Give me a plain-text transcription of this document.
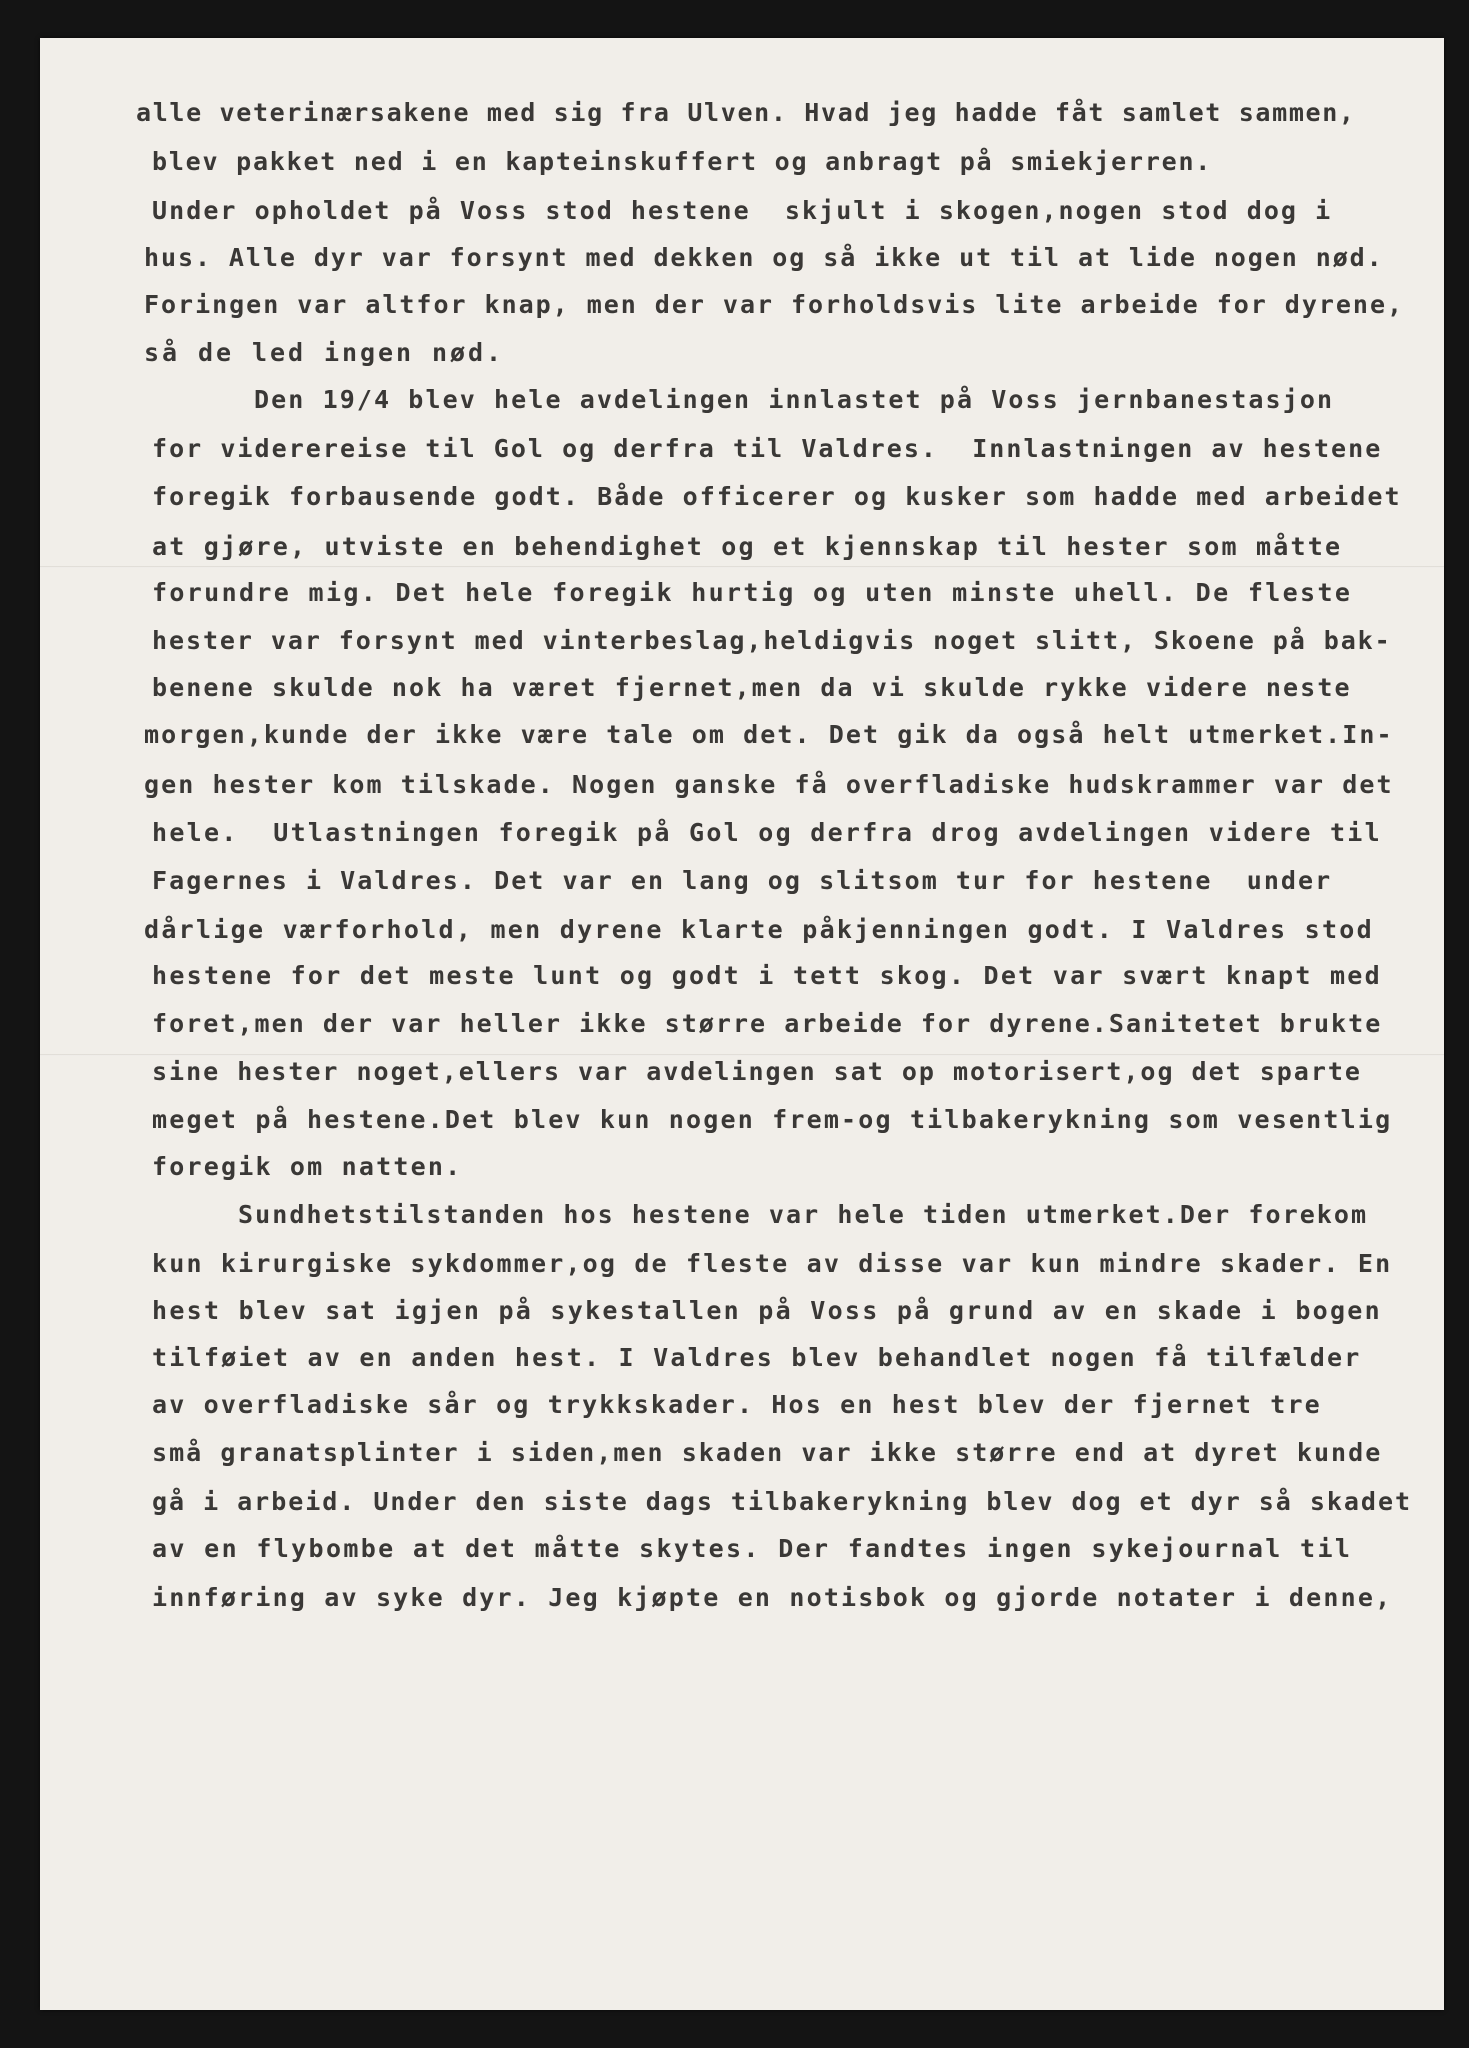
alle veterinærsakene med sig fra Ulven. Hvad jeg hadde fåt samlet sammen,
blev pakket ned i en kapteinskuffert og anbragt på smiekjerren.
Under opholdet på Voss stod hestene  skjult i skogen,nogen stod dog i
hus. Alle dyr var forsynt med dekken og så ikke ut til at lide nogen nød.
Foringen var altfor knap, men der var forholdsvis lite arbeide for dyrene,
så de led ingen nød.
Den 19/4 blev hele avdelingen innlastet på Voss jernbanestasjon
for viderereise til Gol og derfra til Valdres.  Innlastningen av hestene
foregik forbausende godt. Både officerer og kusker som hadde med arbeidet
at gjøre, utviste en behendighet og et kjennskap til hester som måtte
forundre mig. Det hele foregik hurtig og uten minste uhell. De fleste
hester var forsynt med vinterbeslag,heldigvis noget slitt, Skoene på bak-
benene skulde nok ha været fjernet,men da vi skulde rykke videre neste
morgen,kunde der ikke være tale om det. Det gik da også helt utmerket.In-
gen hester kom tilskade. Nogen ganske få overfladiske hudskrammer var det
hele.  Utlastningen foregik på Gol og derfra drog avdelingen videre til
Fagernes i Valdres. Det var en lang og slitsom tur for hestene  under
dårlige værforhold, men dyrene klarte påkjenningen godt. I Valdres stod
hestene for det meste lunt og godt i tett skog. Det var svært knapt med
foret,men der var heller ikke større arbeide for dyrene.Sanitetet brukte
sine hester noget,ellers var avdelingen sat op motorisert,og det sparte
meget på hestene.Det blev kun nogen frem-og tilbakerykning som vesentlig
foregik om natten.
Sundhetstilstanden hos hestene var hele tiden utmerket.Der forekom
kun kirurgiske sykdommer,og de fleste av disse var kun mindre skader. En
hest blev sat igjen på sykestallen på Voss på grund av en skade i bogen
tilføiet av en anden hest. I Valdres blev behandlet nogen få tilfælder
av overfladiske sår og trykkskader. Hos en hest blev der fjernet tre
små granatsplinter i siden,men skaden var ikke større end at dyret kunde
gå i arbeid. Under den siste dags tilbakerykning blev dog et dyr så skadet
av en flybombe at det måtte skytes. Der fandtes ingen sykejournal til
innføring av syke dyr. Jeg kjøpte en notisbok og gjorde notater i denne,
